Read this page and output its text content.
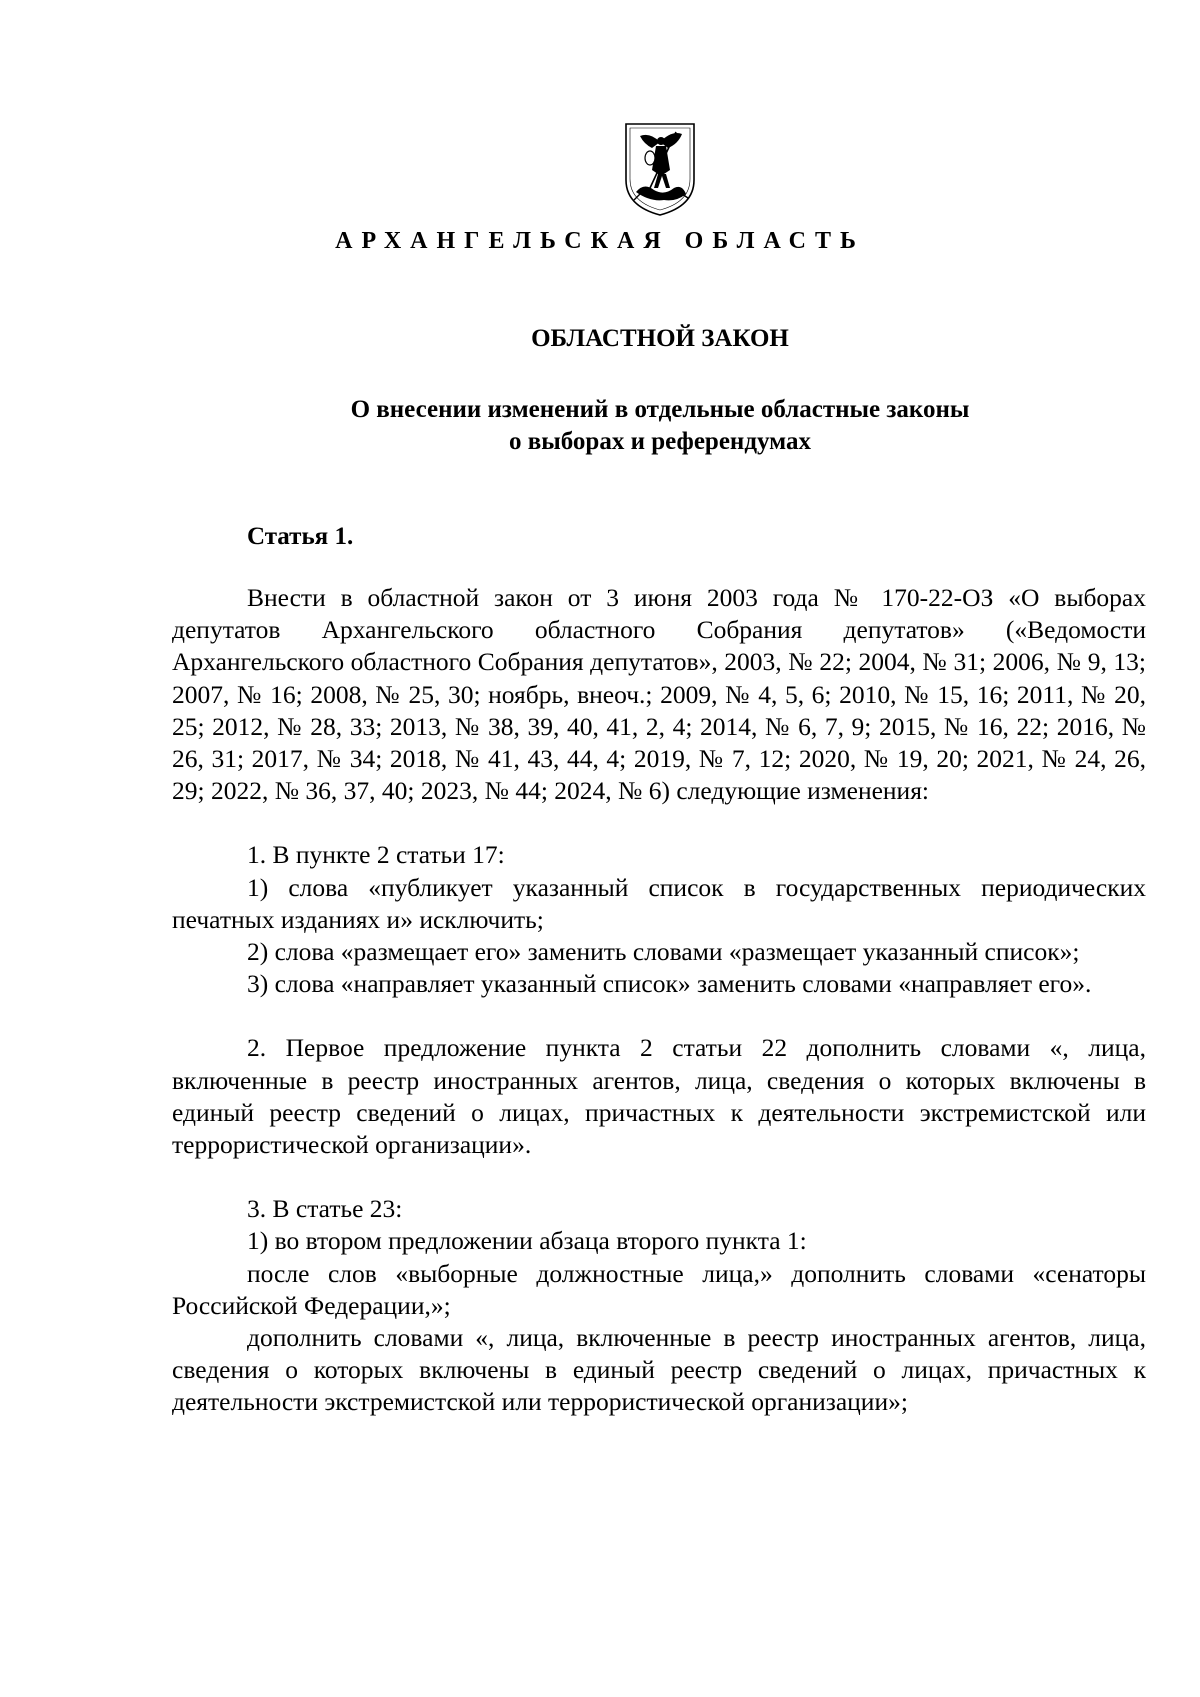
АРХАНГЕЛЬСКАЯ ОБЛАСТЬ
ОБЛАСТНОЙ ЗАКОН
О внесении изменений в отдельные областные законы
о выборах и референдумах
Статья 1.

Внести в областной закон от 3 июня 2003 года № 170-22-ОЗ «О выборах депутатов Архангельского областного Собрания депутатов» («Ведомости Архангельского областного Собрания депутатов», 2003, № 22; 2004, № 31; 2006, № 9, 13; 2007, № 16; 2008, № 25, 30; ноябрь, внеоч.; 2009, № 4, 5, 6; 2010, № 15, 16; 2011, № 20, 25; 2012, № 28, 33; 2013, № 38, 39, 40, 41, 2, 4; 2014, № 6, 7, 9; 2015, № 16, 22; 2016, № 26, 31; 2017, № 34; 2018, № 41, 43, 44, 4; 2019, № 7, 12; 2020, № 19, 20; 2021, № 24, 26, 29; 2022, № 36, 37, 40; 2023, № 44; 2024, № 6) следующие изменения:

1. В пункте 2 статьи 17:

1) слова «публикует указанный список в государственных периодических печатных изданиях и» исключить;

2) слова «размещает его» заменить словами «размещает указанный список»;

3) слова «направляет указанный список» заменить словами «направляет его».

2. Первое предложение пункта 2 статьи 22 дополнить словами «, лица, включенные в реестр иностранных агентов, лица, сведения о которых включены в единый реестр сведений о лицах, причастных к деятельности экстремистской или террористической организации».

3. В статье 23:

1) во втором предложении абзаца второго пункта 1:

после слов «выборные должностные лица,» дополнить словами «сенаторы Российской Федерации,»;

дополнить словами «, лица, включенные в реестр иностранных агентов, лица, сведения о которых включены в единый реестр сведений о лицах, причастных к деятельности экстремистской или террористической организации»;
